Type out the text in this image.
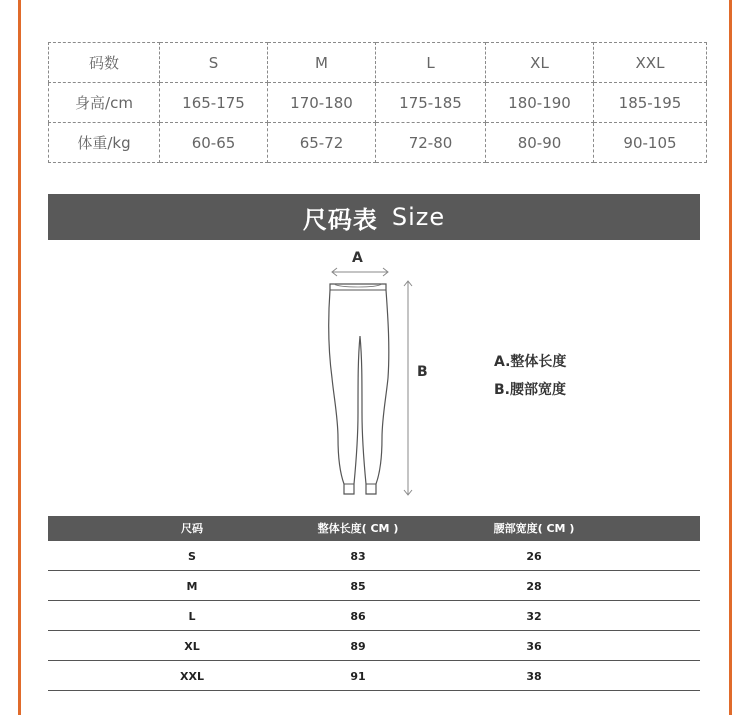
码数	S	M	L	XL	XXL
身高/cm	165-175	170-180	175-185	180-190	185-195
体重/kg	60-65	65-72	72-80	80-90	90-105
尺码表 Size
A
B
A.整体长度
B.腰部宽度
尺码	整体长度( CM )	腰部宽度( CM )
S	83	26
M	85	28
L	86	32
XL	89	36
XXL	91	38
